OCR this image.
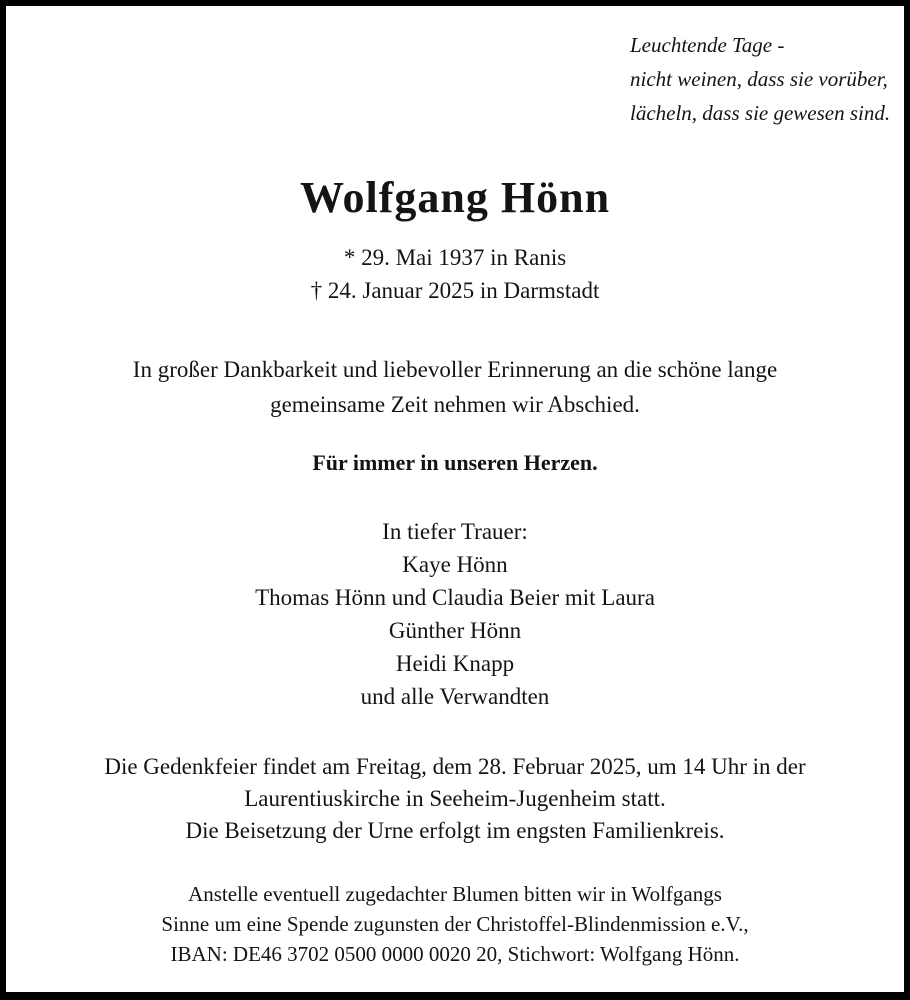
Leuchtende Tage -
nicht weinen, dass sie vorüber,
lächeln, dass sie gewesen sind.
Wolfgang Hönn
* 29. Mai 1937 in Ranis
† 24. Januar 2025 in Darmstadt
In großer Dankbarkeit und liebevoller Erinnerung an die schöne lange
gemeinsame Zeit nehmen wir Abschied.
Für immer in unseren Herzen.
In tiefer Trauer:
Kaye Hönn
Thomas Hönn und Claudia Beier mit Laura
Günther Hönn
Heidi Knapp
und alle Verwandten
Die Gedenkfeier findet am Freitag, dem 28. Februar 2025, um 14 Uhr in der
Laurentiuskirche in Seeheim-Jugenheim statt.
Die Beisetzung der Urne erfolgt im engsten Familienkreis.
Anstelle eventuell zugedachter Blumen bitten wir in Wolfgangs
Sinne um eine Spende zugunsten der Christoffel-Blindenmission e.V.,
IBAN: DE46 3702 0500 0000 0020 20, Stichwort: Wolfgang Hönn.
